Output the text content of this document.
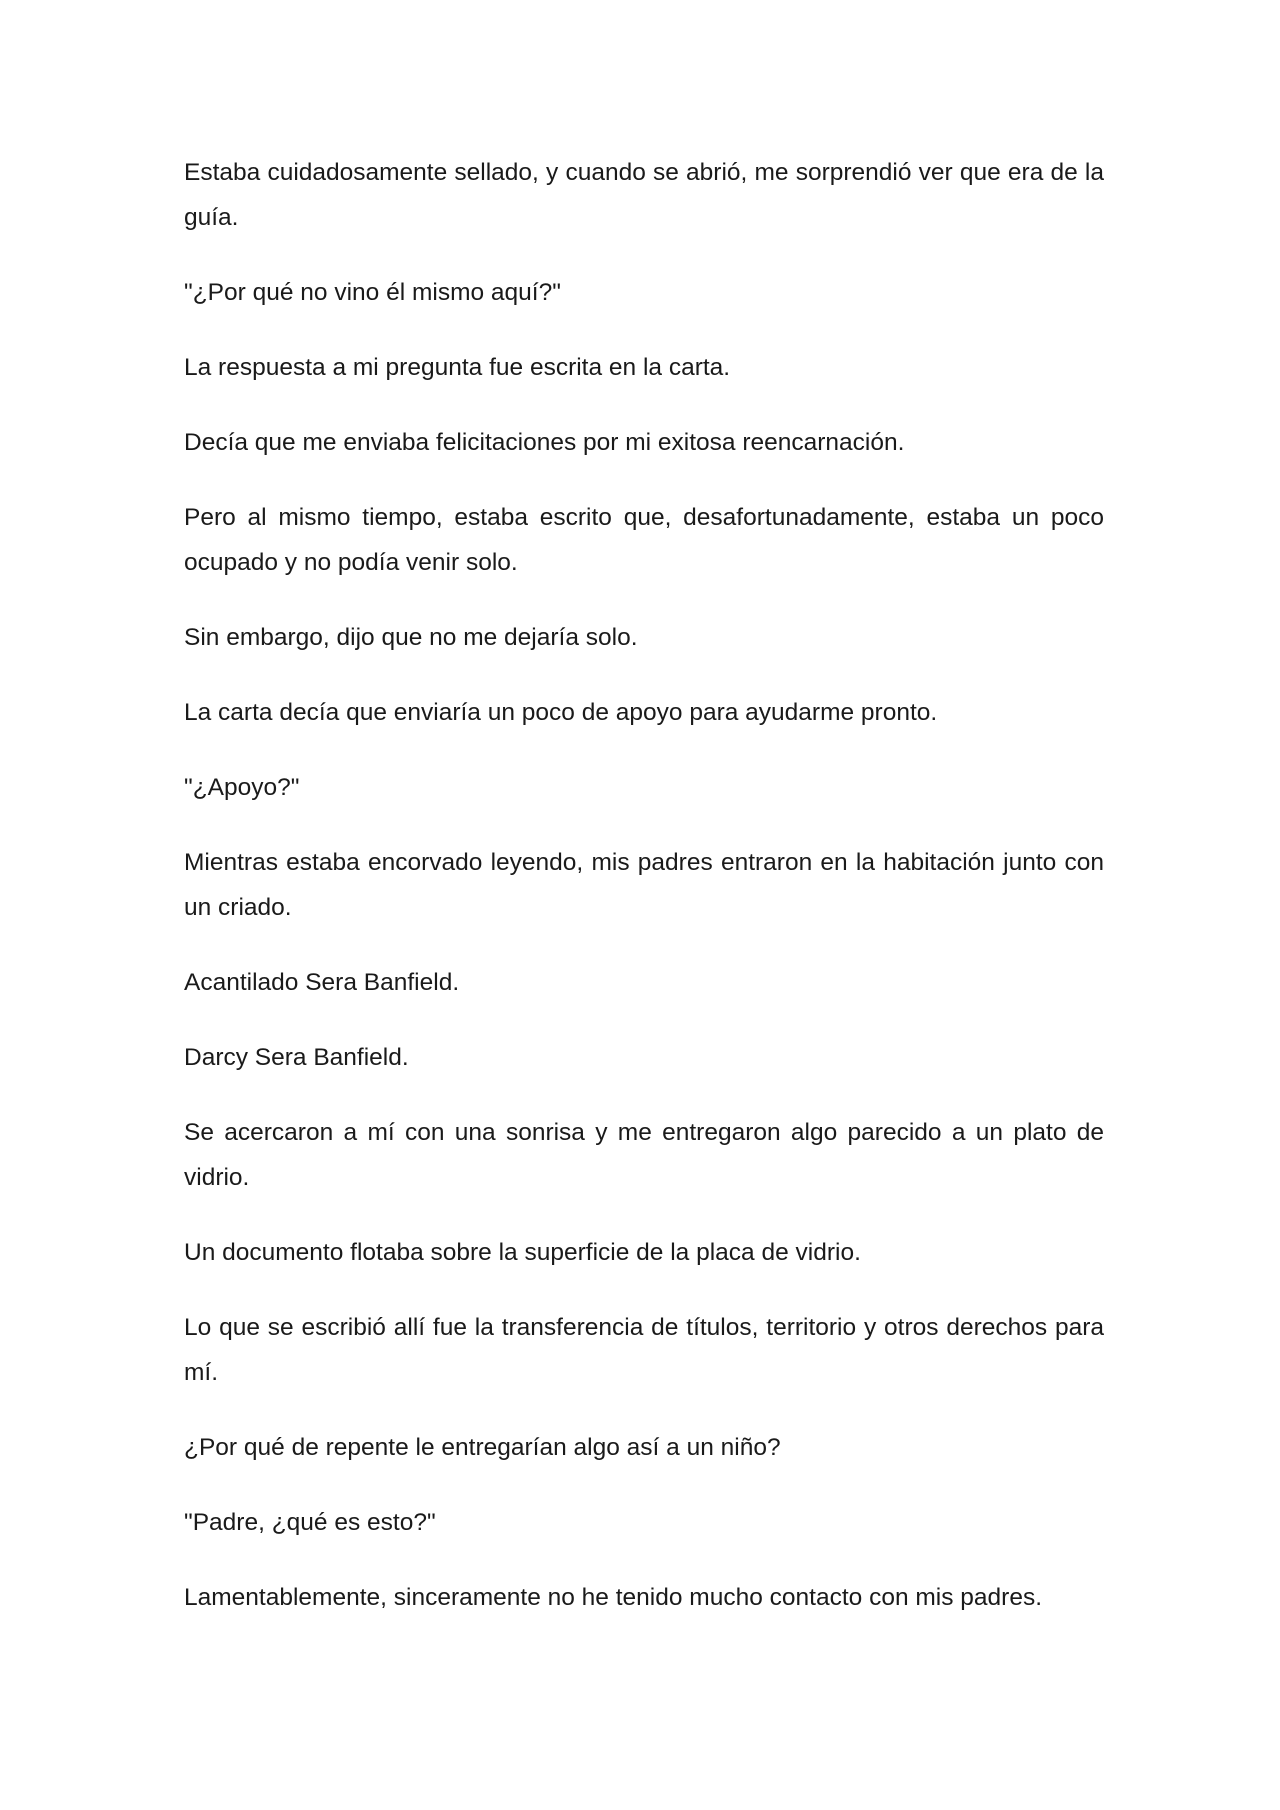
Estaba cuidadosamente sellado, y cuando se abrió, me sorprendió ver que era de la guía.

"¿Por qué no vino él mismo aquí?"

La respuesta a mi pregunta fue escrita en la carta.

Decía que me enviaba felicitaciones por mi exitosa reencarnación.

Pero al mismo tiempo, estaba escrito que, desafortunadamente, estaba un poco ocupado y no podía venir solo.

Sin embargo, dijo que no me dejaría solo.

La carta decía que enviaría un poco de apoyo para ayudarme pronto.

"¿Apoyo?"

Mientras estaba encorvado leyendo, mis padres entraron en la habitación junto con un criado.

Acantilado Sera Banfield.

Darcy Sera Banfield.

Se acercaron a mí con una sonrisa y me entregaron algo parecido a un plato de vidrio.

Un documento flotaba sobre la superficie de la placa de vidrio.

Lo que se escribió allí fue la transferencia de títulos, territorio y otros derechos para mí.

¿Por qué de repente le entregarían algo así a un niño?

"Padre, ¿qué es esto?"

Lamentablemente, sinceramente no he tenido mucho contacto con mis padres.
